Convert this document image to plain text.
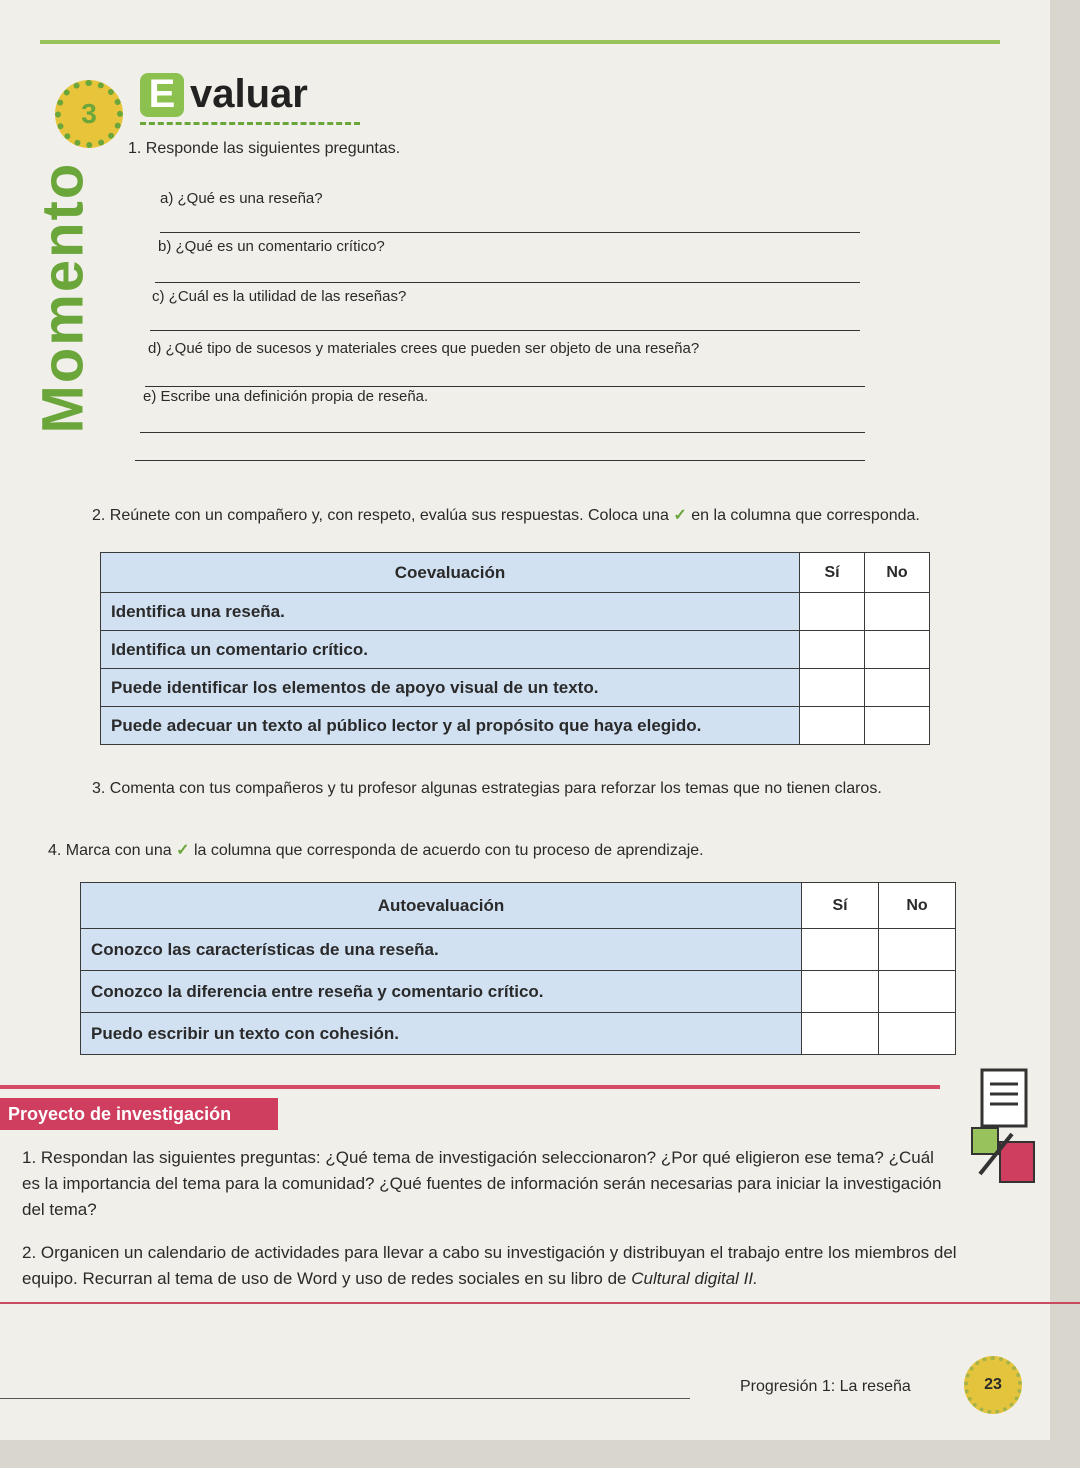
Momento
3 E valuar
1. Responde las siguientes preguntas.
a) ¿Qué es una reseña?
b) ¿Qué es un comentario crítico?
c) ¿Cuál es la utilidad de las reseñas?
d) ¿Qué tipo de sucesos y materiales crees que pueden ser objeto de una reseña?
e) Escribe una definición propia de reseña.
2. Reúnete con un compañero y, con respeto, evalúa sus respuestas. Coloca una ✓ en la columna que corresponda.
Coevaluación	Sí	No
Identifica una reseña.		
Identifica un comentario crítico.		
Puede identificar los elementos de apoyo visual de un texto.		
Puede adecuar un texto al público lector y al propósito que haya elegido.		
3. Comenta con tus compañeros y tu profesor algunas estrategias para reforzar los temas que no tienen claros.
4. Marca con una ✓ la columna que corresponda de acuerdo con tu proceso de aprendizaje.
Autoevaluación	Sí	No
Conozco las características de una reseña.		
Conozco la diferencia entre reseña y comentario crítico.		
Puedo escribir un texto con cohesión.		
Proyecto de investigación
1. Respondan las siguientes preguntas: ¿Qué tema de investigación seleccionaron? ¿Por qué eligieron ese tema? ¿Cuál es la importancia del tema para la comunidad? ¿Qué fuentes de información serán necesarias para iniciar la investigación del tema?
2. Organicen un calendario de actividades para llevar a cabo su investigación y distribuyan el trabajo entre los miembros del equipo. Recurran al tema de uso de Word y uso de redes sociales en su libro de Cultural digital II.
Progresión 1: La reseña	23
